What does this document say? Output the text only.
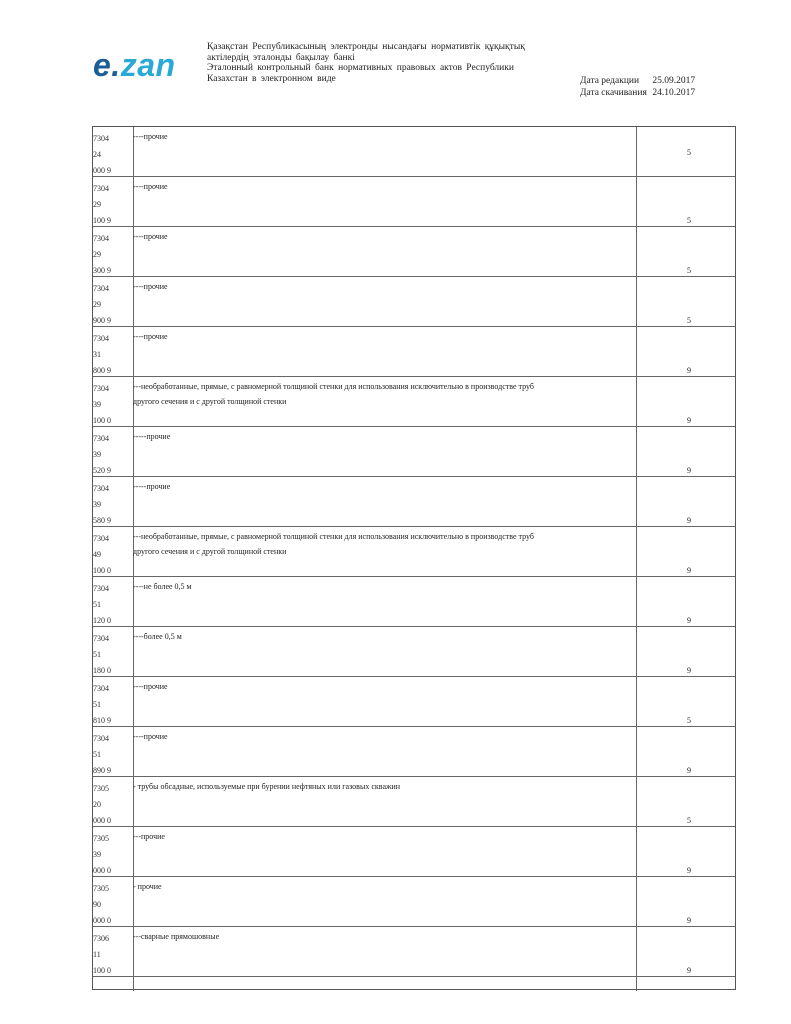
e.zan	Қазақстан Республикасының электронды нысандағы нормативтік құқықтық
актілердің эталонды бақылау банкі
Эталонный контрольный банк нормативных правовых актов Республики
Казахстан в электронном виде	Дата редакции 25.09.2017
Дата скачивания 24.10.2017
7304
24
000 9
----прочие
5
7304
29
100 9
----прочие
5
7304
29
300 9
----прочие
5
7304
29
900 9
----прочие
5
7304
31
800 9
----прочие
9
7304
39
100 0
---необработанные, прямые, с равномерной толщиной стенки для использования исключительно в производстве труб другого сечения и с другой толщиной стенки
9
7304
39
520 9
-----прочие
9
7304
39
580 9
-----прочие
9
7304
49
100 0
---необработанные, прямые, с равномерной толщиной стенки для использования исключительно в производстве труб другого сечения и с другой толщиной стенки
9
7304
51
120 0
----не более 0,5 м
9
7304
51
180 0
----более 0,5 м
9
7304
51
810 9
----прочие
5
7304
51
890 9
----прочие
9
7305
20
000 0
- трубы обсадные, используемые при бурении нефтяных или газовых скважин
5
7305
39
000 0
---прочие
9
7305
90
000 0
- прочие
9
7306
11
100 0
---сварные прямошовные
9
